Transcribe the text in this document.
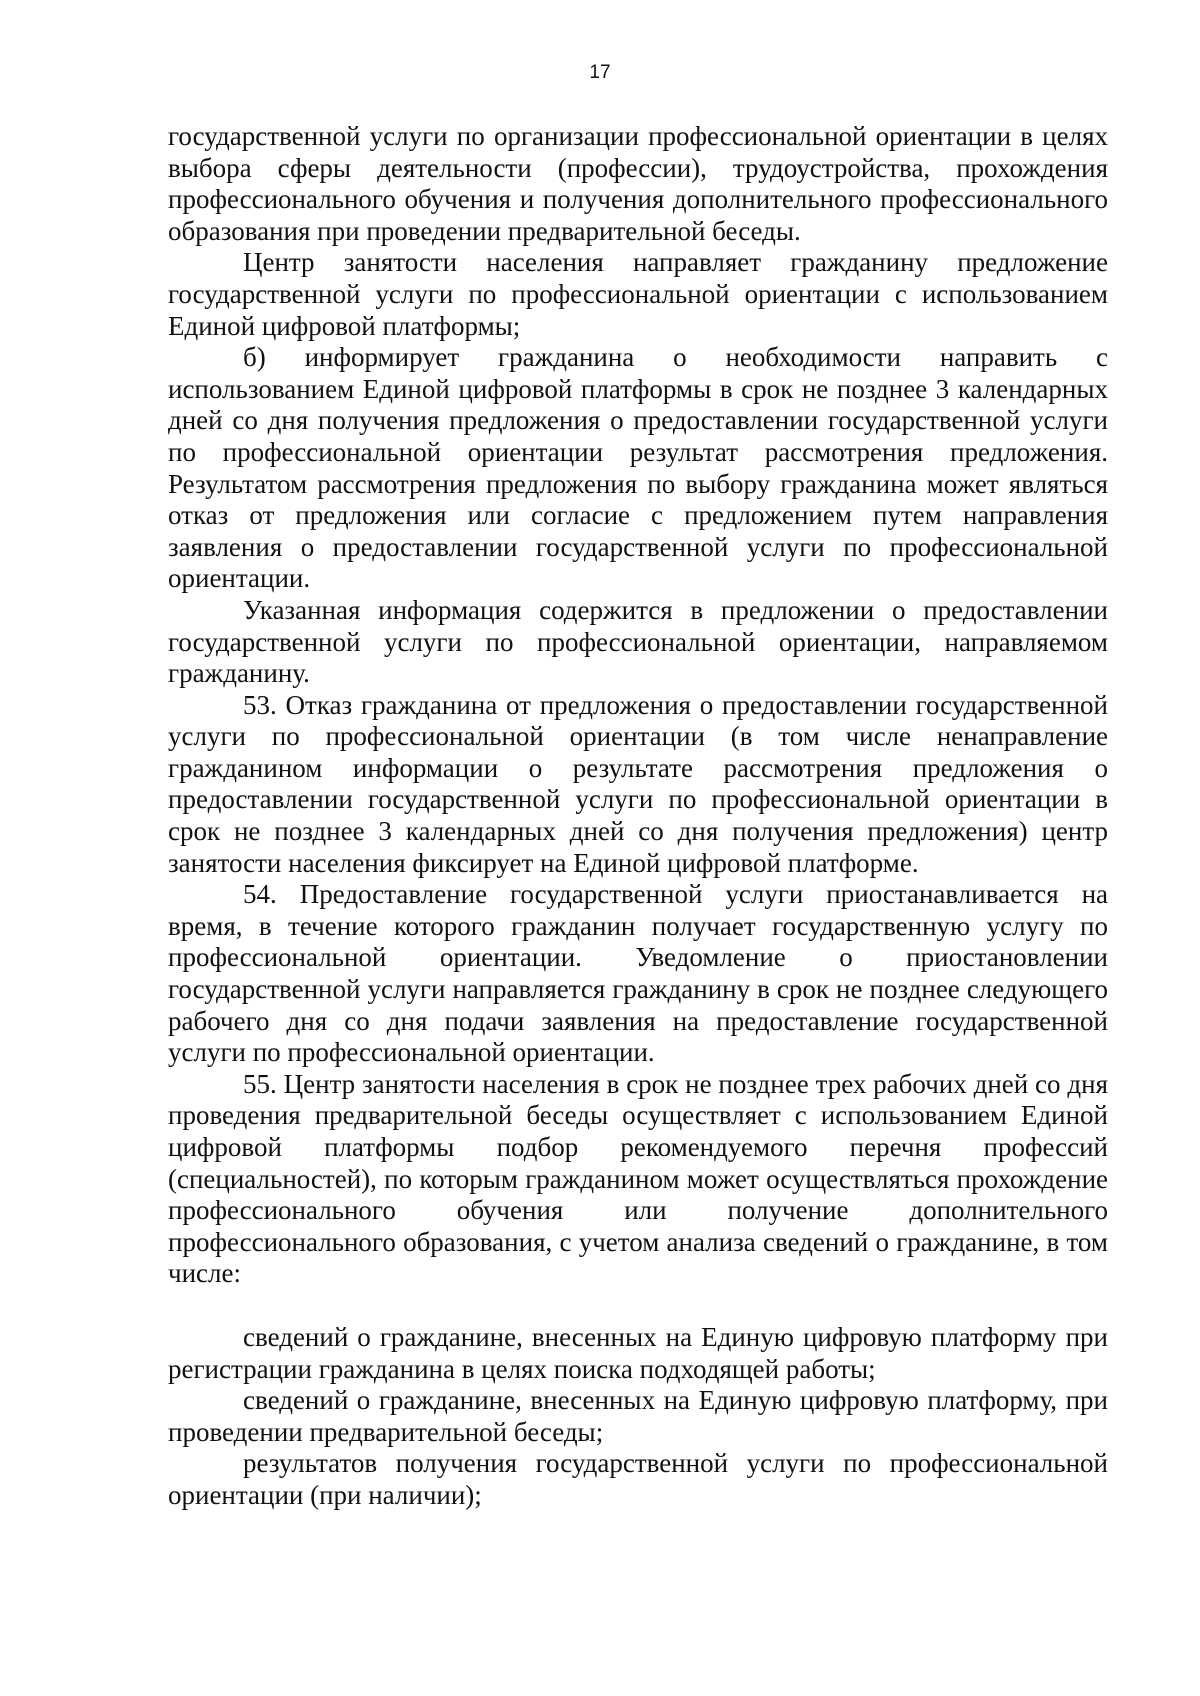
17

государственной услуги по организации профессиональной ориентации в целях выбора сферы деятельности (профессии), трудоустройства, прохождения профессионального обучения и получения дополнительного профессионального образования при проведении предварительной беседы.

Центр занятости населения направляет гражданину предложение государственной услуги по профессиональной ориентации с использованием Единой цифровой платформы;

б) информирует гражданина о необходимости направить с использованием Единой цифровой платформы в срок не позднее 3 календарных дней со дня получения предложения о предоставлении государственной услуги по профессиональной ориентации результат рассмотрения предложения. Результатом рассмотрения предложения по выбору гражданина может являться отказ от предложения или согласие с предложением путем направления заявления о предоставлении государственной услуги по профессиональной ориентации.

Указанная информация содержится в предложении о предоставлении государственной услуги по профессиональной ориентации, направляемом гражданину.

53. Отказ гражданина от предложения о предоставлении государственной услуги по профессиональной ориентации (в том числе ненаправление гражданином информации о результате рассмотрения предложения о предоставлении государственной услуги по профессиональной ориентации в срок не позднее 3 календарных дней со дня получения предложения) центр занятости населения фиксирует на Единой цифровой платформе.

54. Предоставление государственной услуги приостанавливается на время, в течение которого гражданин получает государственную услугу по профессиональной ориентации. Уведомление о приостановлении государственной услуги направляется гражданину в срок не позднее следующего рабочего дня со дня подачи заявления на предоставление государственной услуги по профессиональной ориентации.

55. Центр занятости населения в срок не позднее трех рабочих дней со дня проведения предварительной беседы осуществляет с использованием Единой цифровой платформы подбор рекомендуемого перечня профессий (специальностей), по которым гражданином может осуществляться прохождение профессионального обучения или получение дополнительного профессионального образования, с учетом анализа сведений о гражданине, в том числе:

сведений о гражданине, внесенных на Единую цифровую платформу при регистрации гражданина в целях поиска подходящей работы;

сведений о гражданине, внесенных на Единую цифровую платформу, при проведении предварительной беседы;

результатов получения государственной услуги по профессиональной ориентации (при наличии);
